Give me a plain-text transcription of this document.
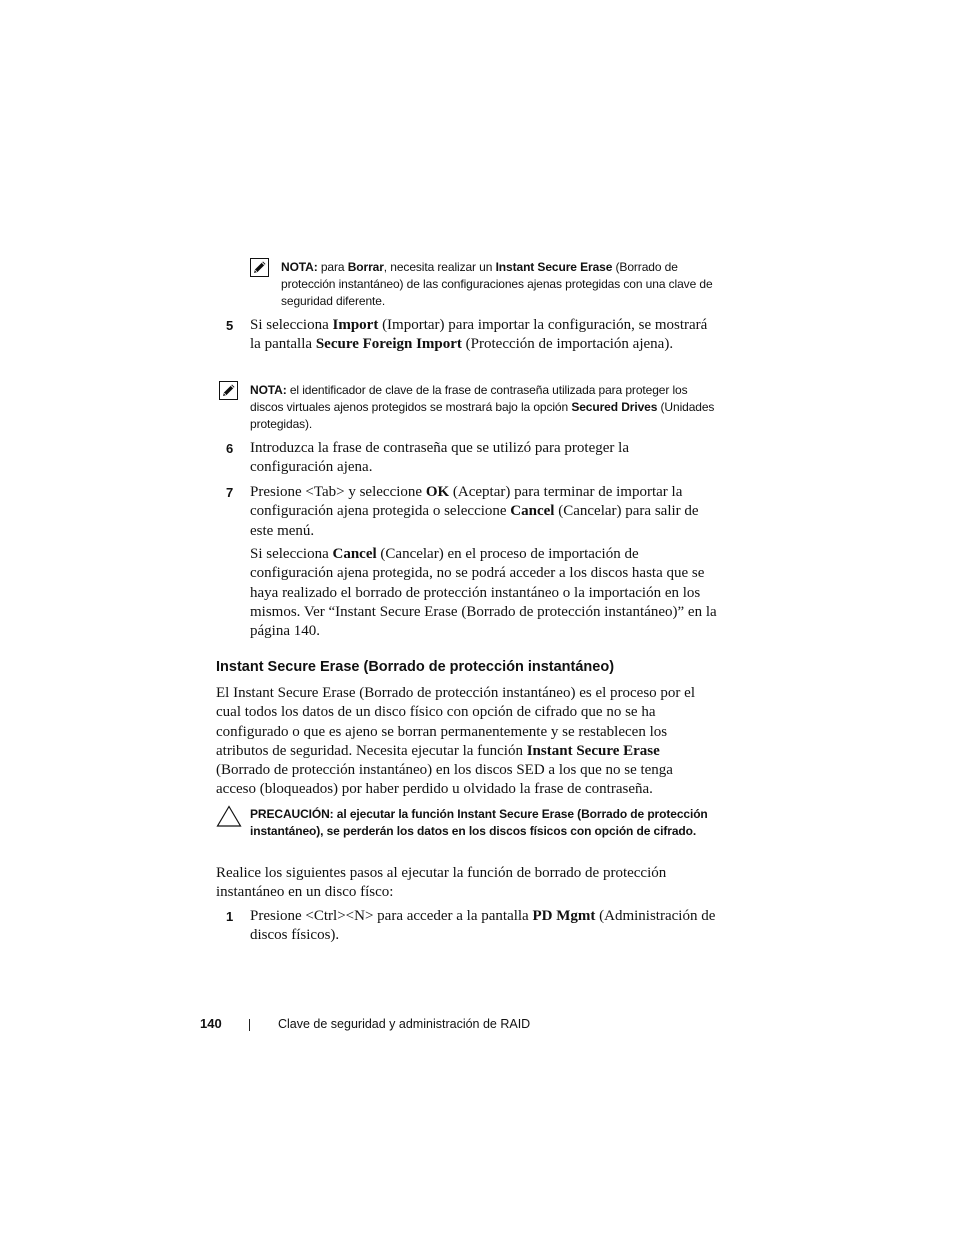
NOTA: para Borrar, necesita realizar un Instant Secure Erase (Borrado de protección instantáneo) de las configuraciones ajenas protegidas con una clave de seguridad diferente.

5 Si selecciona Import (Importar) para importar la configuración, se mostrará la pantalla Secure Foreign Import (Protección de importación ajena).

NOTA: el identificador de clave de la frase de contraseña utilizada para proteger los discos virtuales ajenos protegidos se mostrará bajo la opción Secured Drives (Unidades protegidas).

6 Introduzca la frase de contraseña que se utilizó para proteger la configuración ajena.

7 Presione <Tab> y seleccione OK (Aceptar) para terminar de importar la configuración ajena protegida o seleccione Cancel (Cancelar) para salir de este menú.

Si selecciona Cancel (Cancelar) en el proceso de importación de configuración ajena protegida, no se podrá acceder a los discos hasta que se haya realizado el borrado de protección instantáneo o la importación en los mismos. Ver “Instant Secure Erase (Borrado de protección instantáneo)” en la página 140.

Instant Secure Erase (Borrado de protección instantáneo)

El Instant Secure Erase (Borrado de protección instantáneo) es el proceso por el cual todos los datos de un disco físico con opción de cifrado que no se ha configurado o que es ajeno se borran permanentemente y se restablecen los atributos de seguridad. Necesita ejecutar la función Instant Secure Erase (Borrado de protección instantáneo) en los discos SED a los que no se tenga acceso (bloqueados) por haber perdido u olvidado la frase de contraseña.

PRECAUCIÓN: al ejecutar la función Instant Secure Erase (Borrado de protección instantáneo), se perderán los datos en los discos físicos con opción de cifrado.

Realice los siguientes pasos al ejecutar la función de borrado de protección instantáneo en un disco físco:

1 Presione <Ctrl><N> para acceder a la pantalla PD Mgmt (Administración de discos físicos).

140	Clave de seguridad y administración de RAID
